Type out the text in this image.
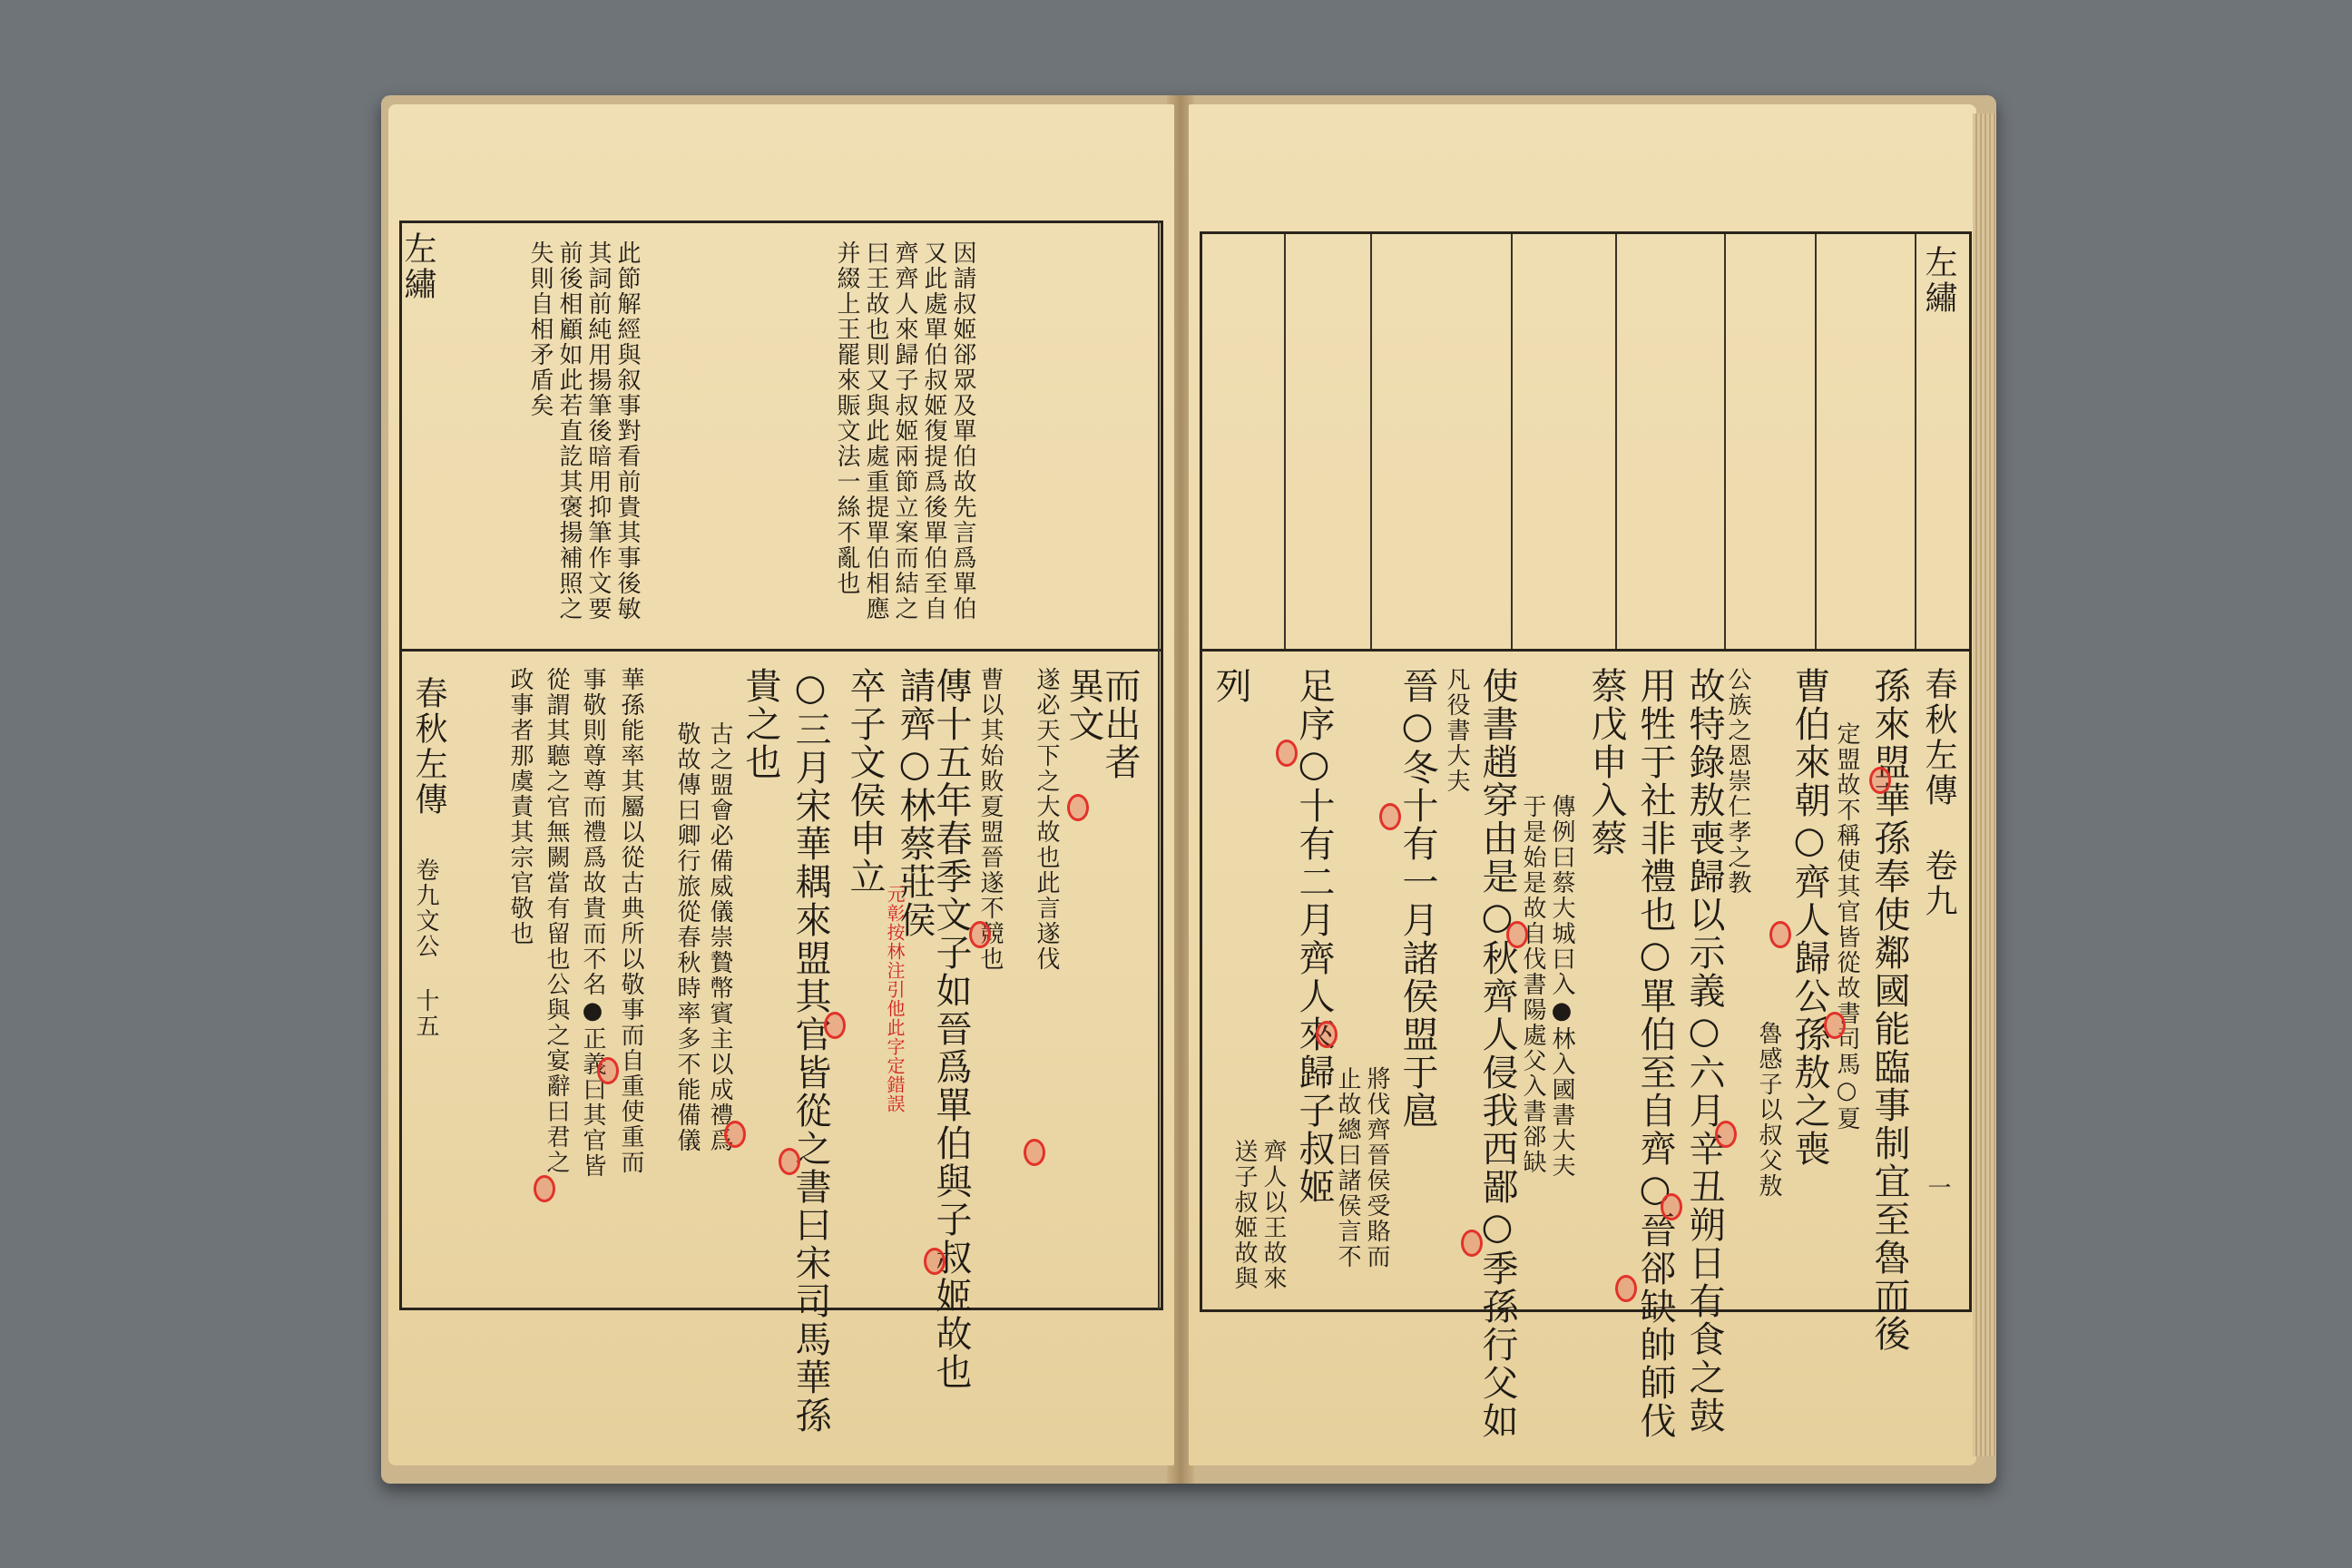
左繡	因請叔姬郤眾及單伯故先言爲單伯
又此處單伯叔姬復提爲後單伯至自
齊齊人來歸子叔姬兩節立案而結之
曰王故也則又與此處重提單伯相應
并綴上王罷來賑文法一絲不亂也
此節解經與叙事對看前貴其事後敏
其詞前純用揚筆後暗用抑筆作文要
前後相顧如此若直訖其褒揚補照之
失則自相矛盾矣
而出者
異文
遂必天下之大故也此言遂伐
曹以其始敗夏盟晉遂不競也
請齊○林蔡莊侯
卒子文侯申立 傳十五年春季文子如晉爲單伯與子叔姬故也
○三月宋華耦來盟其官皆從之書曰宋司馬華孫
貴之也
古之盟會必備威儀崇贄幣賓主以成禮爲
敬故傳曰卿行旅從春秋時率多不能備儀
華孫能率其屬以從古典所以敬事而自重使重而
事敬則尊尊而禮爲故貴而不名●正義曰其官皆
從謂其聽之官無闕當有留也公與之宴辭曰君之
政事者那虞責其宗官敬也
春秋左傳
卷九文公 十五	元彰按林注引他此字定錯誤
左繡
春秋左傳 卷九
孫來盟華孫奉使鄰國能臨事制宜至魯而後
定盟故不稱使其官皆從故書司馬○夏
曹伯來朝○齊人歸公孫敖之喪
魯感子以叔父敖
公族之恩崇仁孝之教
故特錄敖喪歸以示義○六月辛丑朔日有食之鼓
用牲于社非禮也○單伯至自齊○晉郤缺帥師伐
蔡戊申入蔡
傳例曰蔡大城曰入●林入國書大夫
于是始是故自伐書陽處父入書郤缺
使書趙穿由是○秋齊人侵我西鄙○季孫行父如
凡役書大夫
晉○冬十有一月諸侯盟于扈
將伐齊晉侯受賂而
止故總曰諸侯言不
足序○十有二月齊人來歸子叔姬
齊人以王故來
送子叔姬故與
列
一
